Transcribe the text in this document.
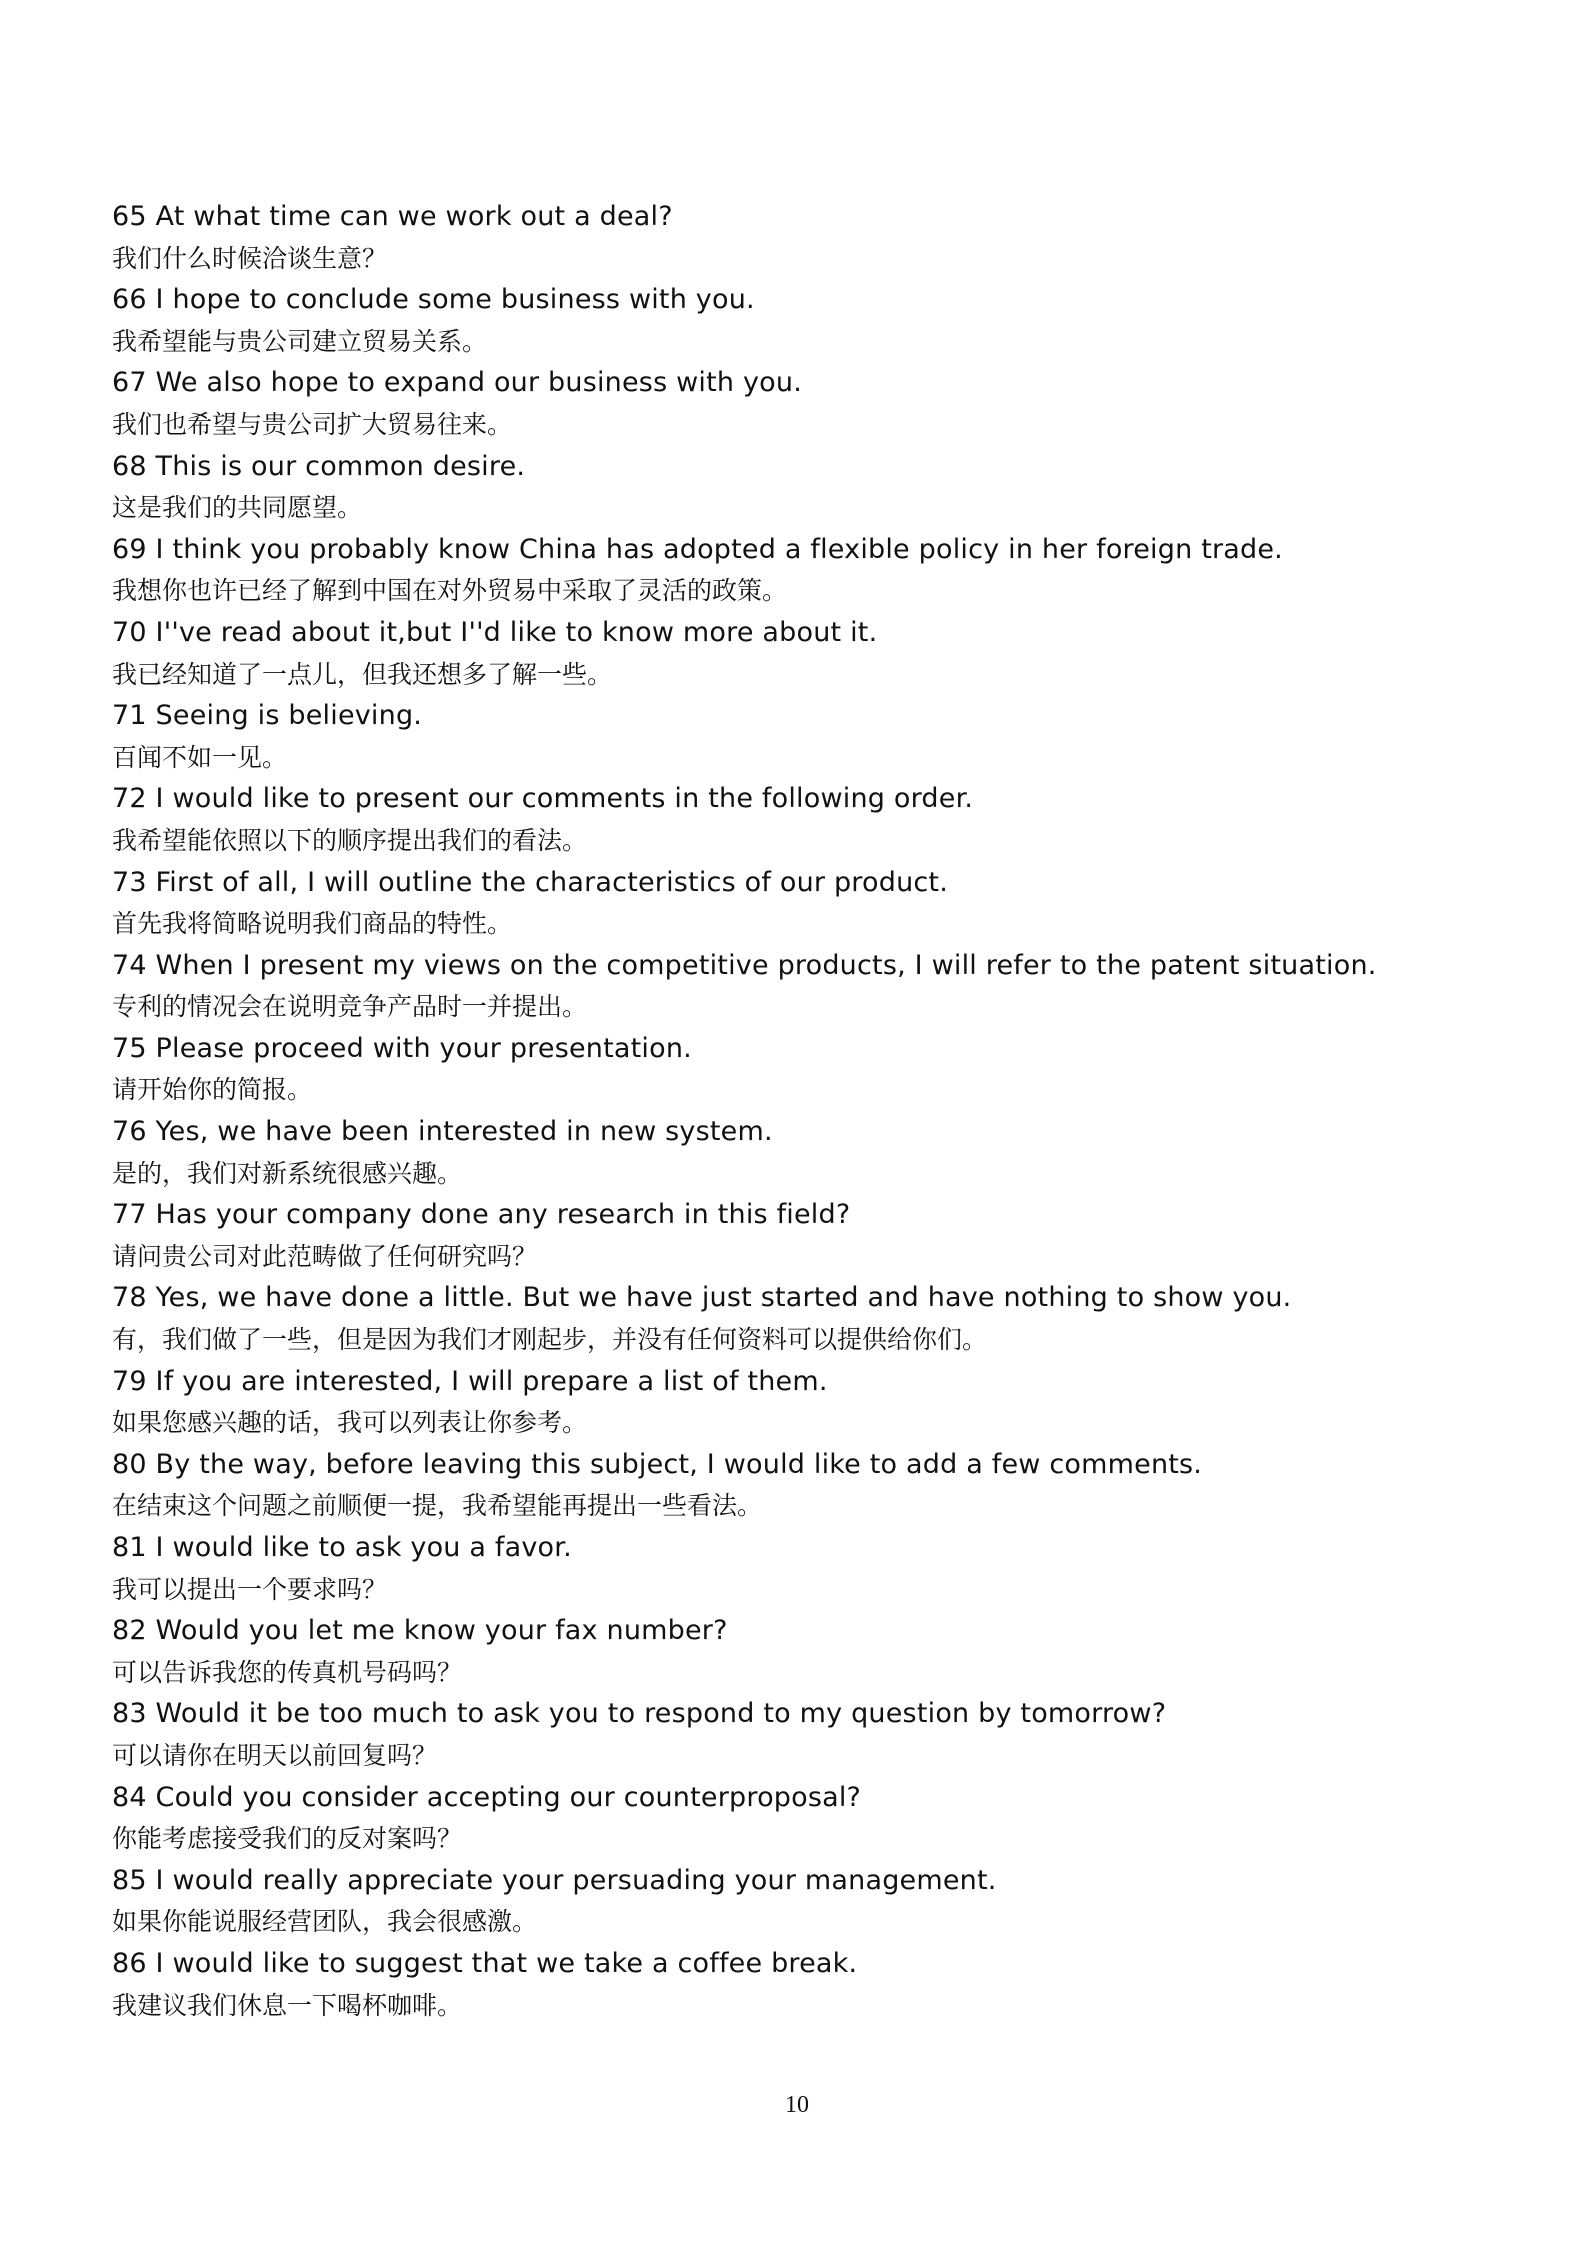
65 At what time can we work out a deal?
我们什么时候洽谈生意？
66 I hope to conclude some business with you.
我希望能与贵公司建立贸易关系。
67 We also hope to expand our business with you.
我们也希望与贵公司扩大贸易往来。
68 This is our common desire.
这是我们的共同愿望。
69 I think you probably know China has adopted a flexible policy in her foreign trade.
我想你也许已经了解到中国在对外贸易中采取了灵活的政策。
70 I''ve read about it,but I''d like to know more about it.
我已经知道了一点儿，但我还想多了解一些。
71 Seeing is believing.
百闻不如一见。
72 I would like to present our comments in the following order.
我希望能依照以下的顺序提出我们的看法。
73 First of all, I will outline the characteristics of our product.
首先我将简略说明我们商品的特性。
74 When I present my views on the competitive products, I will refer to the patent situation.
专利的情况会在说明竞争产品时一并提出。
75 Please proceed with your presentation.
请开始你的简报。
76 Yes, we have been interested in new system.
是的，我们对新系统很感兴趣。
77 Has your company done any research in this field?
请问贵公司对此范畴做了任何研究吗？
78 Yes, we have done a little. But we have just started and have nothing to show you.
有，我们做了一些，但是因为我们才刚起步，并没有任何资料可以提供给你们。
79 If you are interested, I will prepare a list of them.
如果您感兴趣的话，我可以列表让你参考。
80 By the way, before leaving this subject, I would like to add a few comments.
在结束这个问题之前顺便一提，我希望能再提出一些看法。
81 I would like to ask you a favor.
我可以提出一个要求吗？
82 Would you let me know your fax number?
可以告诉我您的传真机号码吗？
83 Would it be too much to ask you to respond to my question by tomorrow?
可以请你在明天以前回复吗？
84 Could you consider accepting our counterproposal?
你能考虑接受我们的反对案吗？
85 I would really appreciate your persuading your management.
如果你能说服经营团队，我会很感激。
86 I would like to suggest that we take a coffee break.
我建议我们休息一下喝杯咖啡。
10
